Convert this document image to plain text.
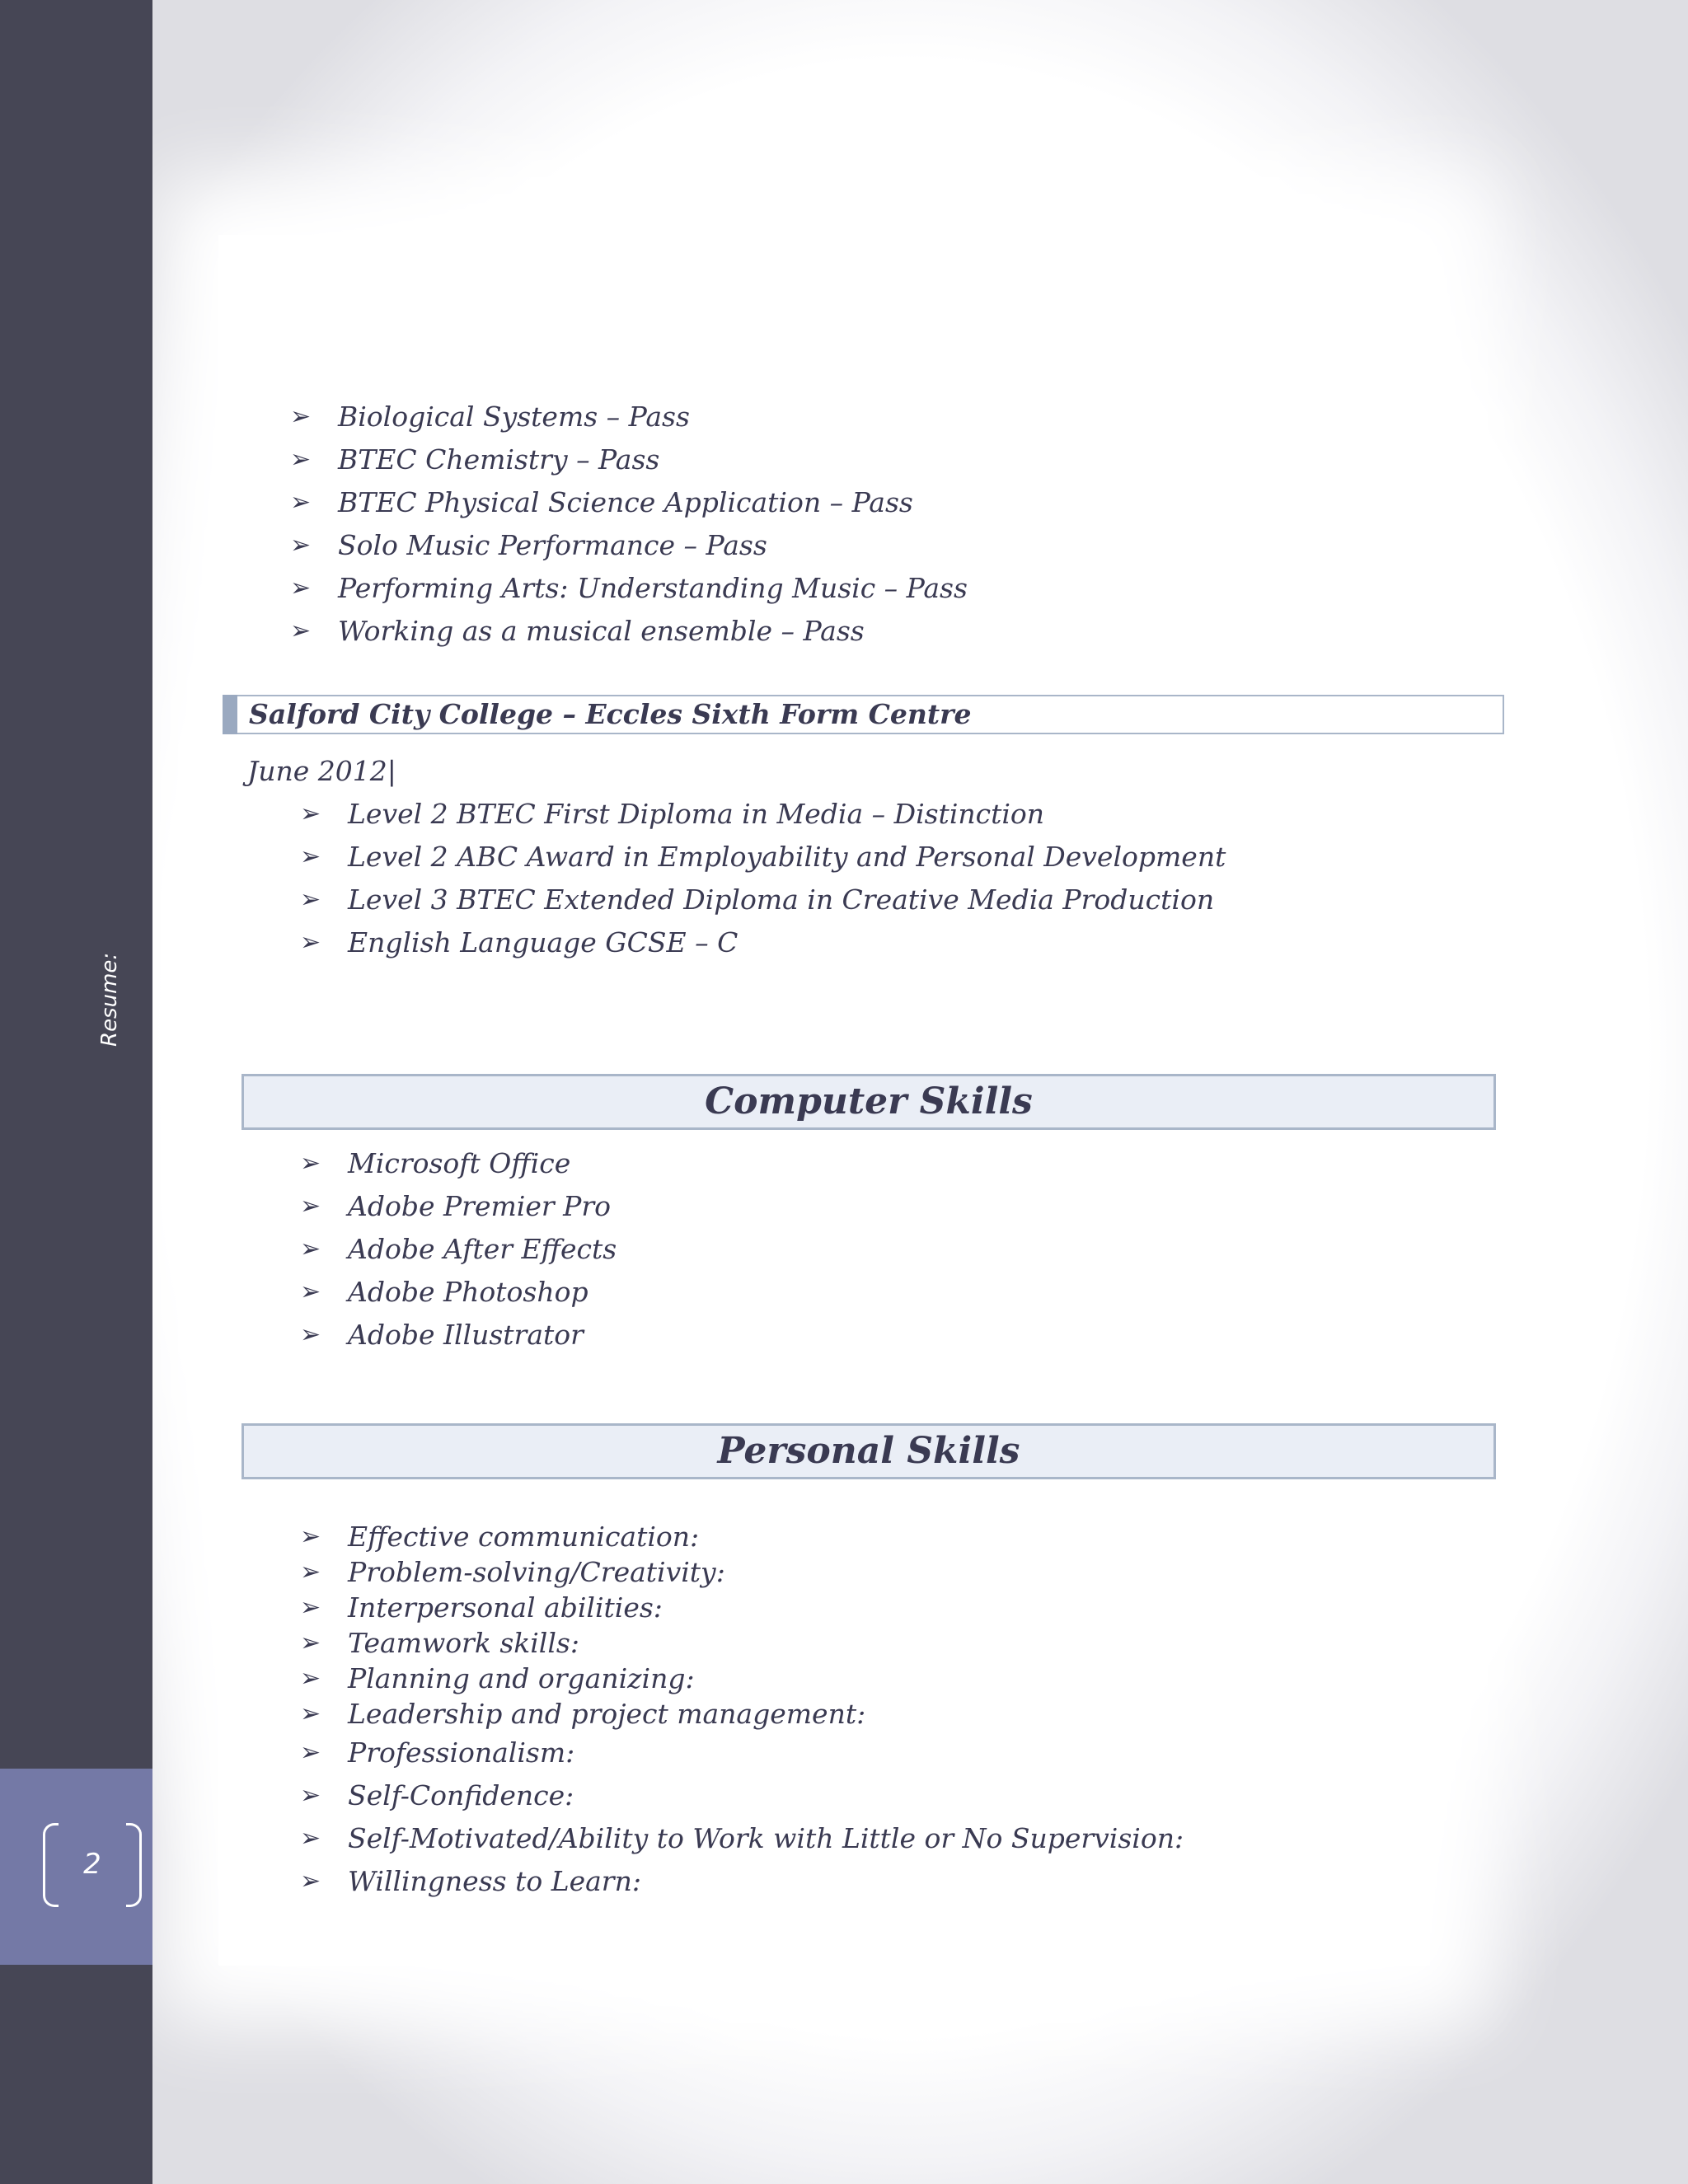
Resume:
2
➢ Biological Systems – Pass
➢ BTEC Chemistry – Pass
➢ BTEC Physical Science Application – Pass
➢ Solo Music Performance – Pass
➢ Performing Arts: Understanding Music – Pass
➢ Working as a musical ensemble – Pass
Salford City College – Eccles Sixth Form Centre
June 2012|
➢ Level 2 BTEC First Diploma in Media – Distinction
➢ Level 2 ABC Award in Employability and Personal Development
➢ Level 3 BTEC Extended Diploma in Creative Media Production
➢ English Language GCSE – C
Computer Skills
➢ Microsoft Office
➢ Adobe Premier Pro
➢ Adobe After Effects
➢ Adobe Photoshop
➢ Adobe Illustrator
Personal Skills
➢ Effective communication:
➢ Problem-solving/Creativity:
➢ Interpersonal abilities:
➢ Teamwork skills:
➢ Planning and organizing:
➢ Leadership and project management:
➢ Professionalism:
➢ Self-Confidence:
➢ Self-Motivated/Ability to Work with Little or No Supervision:
➢ Willingness to Learn:
